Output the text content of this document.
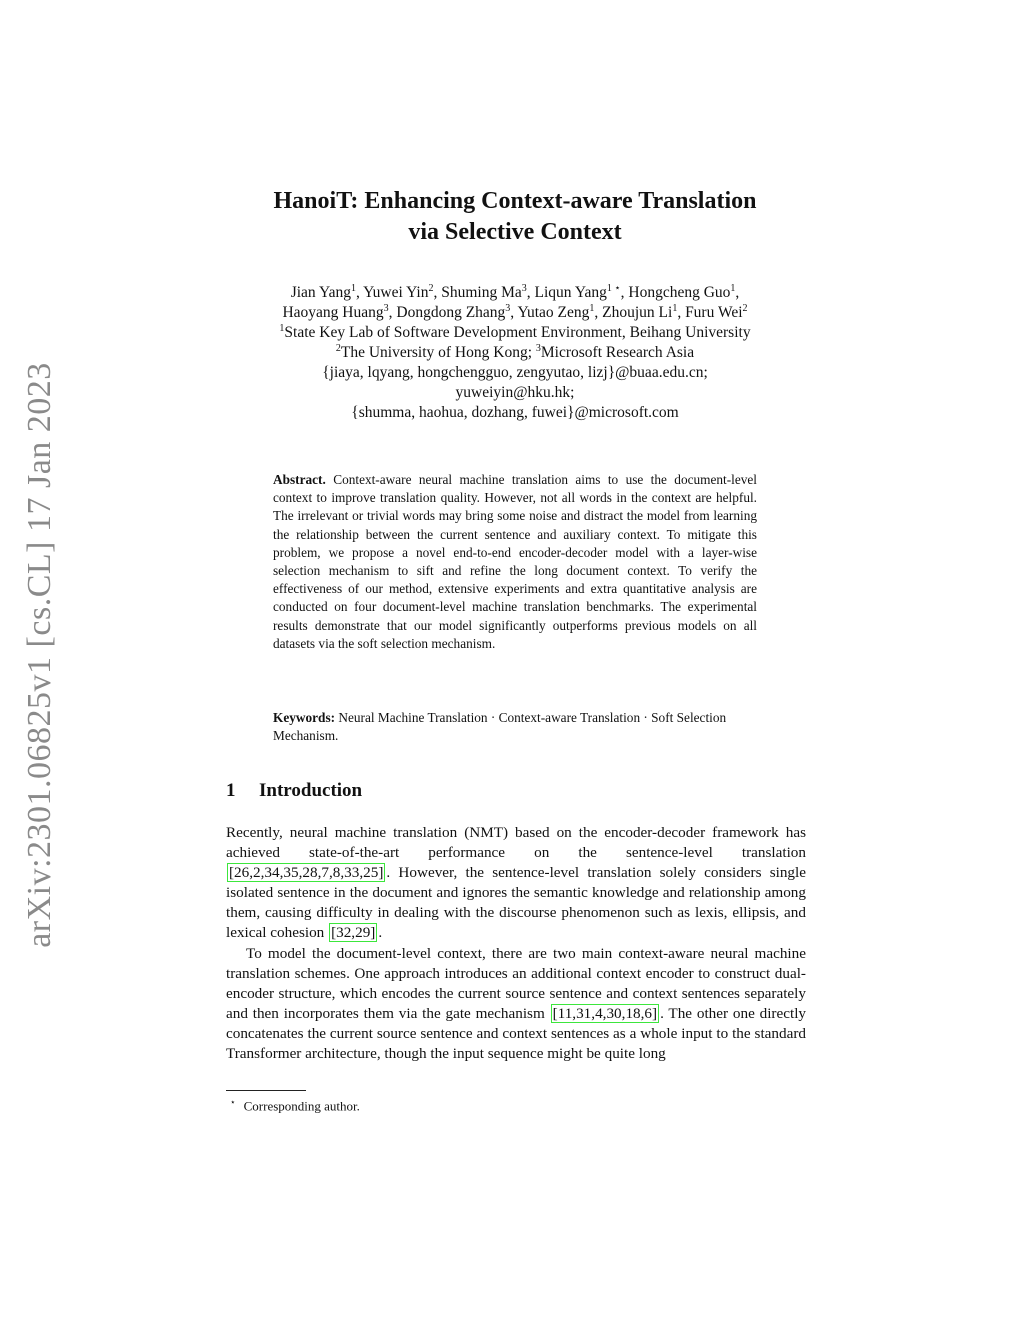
arXiv:2301.06825v1 [cs.CL] 17 Jan 2023
HanoiT: Enhancing Context-aware Translation
via Selective Context
Jian Yang$^1$, Yuwei Yin$^2$, Shuming Ma$^3$, Liqun Yang$^{1 ⋆}$, Hongcheng Guo$^1$,
Haoyang Huang$^3$, Dongdong Zhang$^3$, Yutao Zeng$^1$, Zhoujun Li$^1$, Furu Wei$^2$
$^1$State Key Lab of Software Development Environment, Beihang University
$^2$The University of Hong Kong; $^3$Microsoft Research Asia
{jiaya, lqyang, hongchengguo, zengyutao, lizj}@buaa.edu.cn;
yuweiyin@hku.hk;
{shumma, haohua, dozhang, fuwei}@microsoft.com
Abstract. Context-aware neural machine translation aims to use the document-level context to improve translation quality. However, not all words in the context are helpful. The irrelevant or trivial words may bring some noise and distract the model from learning the relationship between the current sentence and auxiliary context. To mitigate this problem, we propose a novel end-to-end encoder-decoder model with a layer-wise selection mechanism to sift and refine the long document context. To verify the effectiveness of our method, extensive experiments and extra quantitative analysis are conducted on four document-level machine translation benchmarks. The experimental results demonstrate that our model significantly outperforms previous models on all datasets via the soft selection mechanism.
Keywords: Neural Machine Translation · Context-aware Translation · Soft Selection Mechanism.
1 Introduction

Recently, neural machine translation (NMT) based on the encoder-decoder framework has achieved state-of-the-art performance on the sentence-level translation [26,2,34,35,28,7,8,33,25] . However, the sentence-level translation solely considers single isolated sentence in the document and ignores the semantic knowledge and relationship among them, causing difficulty in dealing with the discourse phenomenon such as lexis, ellipsis, and lexical cohesion [32,29] .

To model the document-level context, there are two main context-aware neural machine translation schemes. One approach introduces an additional context encoder to construct dual-encoder structure, which encodes the current source sentence and context sentences separately and then incorporates them via the gate mechanism [11,31,4,30,18,6] . The other one directly concatenates the current source sentence and context sentences as a whole input to the standard Transformer architecture, though the input sequence might be quite long

⋆ Corresponding author.
